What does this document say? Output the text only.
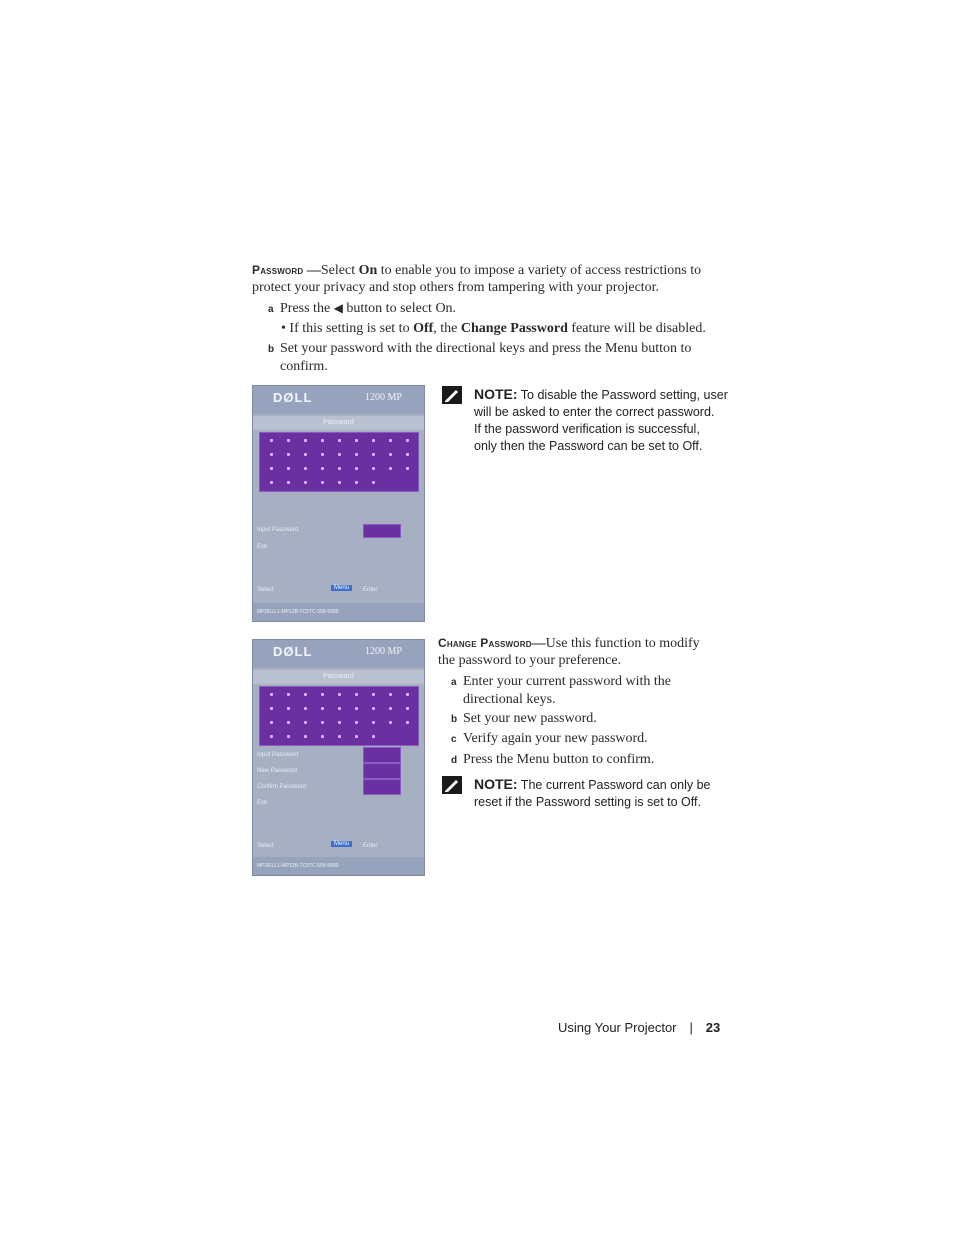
Password —Select On to enable you to impose a variety of access restrictions to
protect your privacy and stop others from tampering with your projector.
a Press the ◀ button to select On.
• If this setting is set to Off, the Change Password feature will be disabled.
b Set your password with the directional keys and press the Menu button to
confirm.
DØLL	1200 MP
Password
Input Password
Exit
Select	Menu	Enter
MPDELL1-MP12B-TC5TC-558-9999
NOTE: To disable the Password setting, user
will be asked to enter the correct password.
If the password verification is successful,
only then the Password can be set to Off.
DØLL	1200 MP
Password
Input Password
New Password
Confirm Password
Exit
Select	Menu	Enter
MPDELL1-MP12B-TC5TC-558-9999
Change Password—Use this function to modify
the password to your preference.
a Enter your current password with the
directional keys.
b Set your new password.
c Verify again your new password.
d Press the Menu button to confirm.
NOTE: The current Password can only be
reset if the Password setting is set to Off.
Using Your Projector | 23
